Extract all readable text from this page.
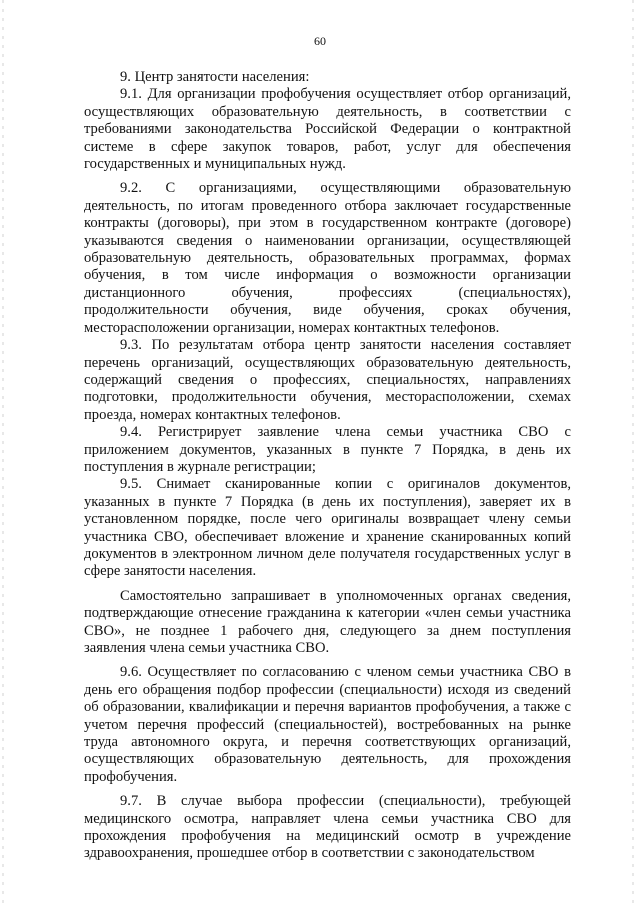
60

9. Центр занятости населения:

9.1. Для организации профобучения осуществляет отбор организаций, осуществляющих образовательную деятельность, в соответствии с требованиями законодательства Российской Федерации о контрактной системе в сфере закупок товаров, работ, услуг для обеспечения государственных и муниципальных нужд.

9.2. С организациями, осуществляющими образовательную деятельность, по итогам проведенного отбора заключает государственные контракты (договоры), при этом в государственном контракте (договоре) указываются сведения о наименовании организации, осуществляющей образовательную деятельность, образовательных программах, формах обучения, в том числе информация о возможности организации дистанционного обучения, профессиях (специальностях), продолжительности обучения, виде обучения, сроках обучения, месторасположении организации, номерах контактных телефонов.

9.3. По результатам отбора центр занятости населения составляет перечень организаций, осуществляющих образовательную деятельность, содержащий сведения о профессиях, специальностях, направлениях подготовки, продолжительности обучения, месторасположении, схемах проезда, номерах контактных телефонов.

9.4. Регистрирует заявление члена семьи участника СВО с приложением документов, указанных в пункте 7 Порядка, в день их поступления в журнале регистрации;

9.5. Снимает сканированные копии с оригиналов документов, указанных в пункте 7 Порядка (в день их поступления), заверяет их в установленном порядке, после чего оригиналы возвращает члену семьи участника СВО, обеспечивает вложение и хранение сканированных копий документов в электронном личном деле получателя государственных услуг в сфере занятости населения.

Самостоятельно запрашивает в уполномоченных органах сведения, подтверждающие отнесение гражданина к категории «член семьи участника СВО», не позднее 1 рабочего дня, следующего за днем поступления заявления члена семьи участника СВО.

9.6. Осуществляет по согласованию с членом семьи участника СВО в день его обращения подбор профессии (специальности) исходя из сведений об образовании, квалификации и перечня вариантов профобучения, а также с учетом перечня профессий (специальностей), востребованных на рынке труда автономного округа, и перечня соответствующих организаций, осуществляющих образовательную деятельность, для прохождения профобучения.

9.7. В случае выбора профессии (специальности), требующей медицинского осмотра, направляет члена семьи участника СВО для прохождения профобучения на медицинский осмотр в учреждение здравоохранения, прошедшее отбор в соответствии с законодательством
